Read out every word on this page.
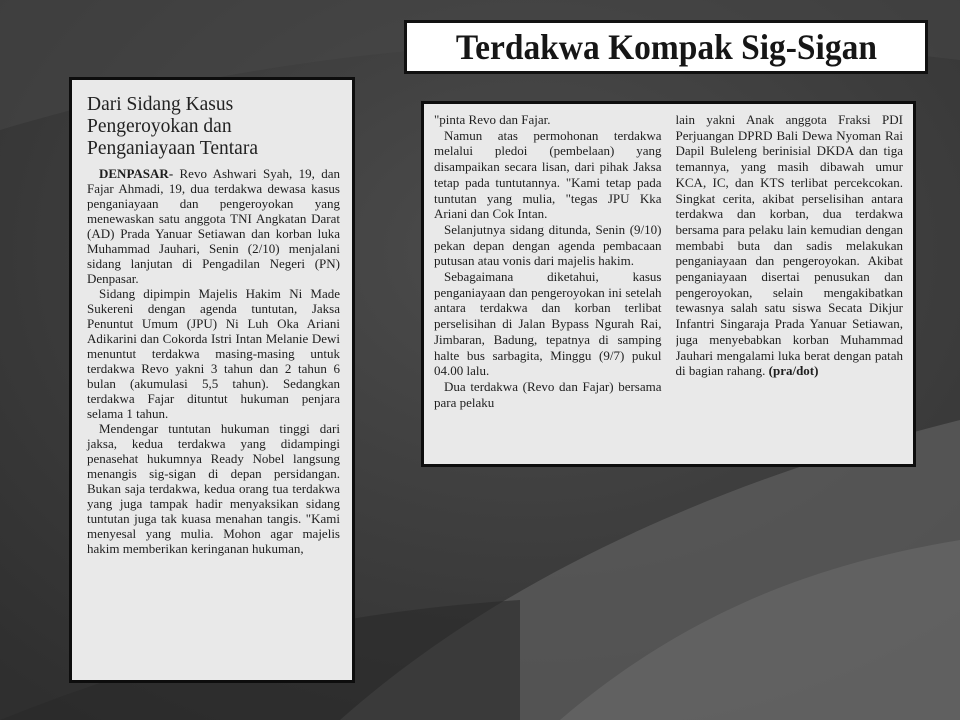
Terdakwa Kompak Sig-Sigan
Dari Sidang Kasus
Pengeroyokan dan
Penganiayaan Tentara

DENPASAR- Revo Ashwari Syah, 19, dan Fajar Ahmadi, 19, dua terdakwa dewasa kasus penganiayaan dan pengeroyokan yang menewaskan satu anggota TNI Angkatan Darat (AD) Prada Yanuar Setiawan dan korban luka Muhammad Jauhari, Senin (2/10) menjalani sidang lanjutan di Pengadilan Negeri (PN) Denpasar.

Sidang dipimpin Majelis Hakim Ni Made Sukereni dengan agenda tuntutan, Jaksa Penuntut Umum (JPU) Ni Luh Oka Ariani Adikarini dan Cokorda Istri Intan Melanie Dewi menuntut terdakwa masing-masing untuk terdakwa Revo yakni 3 tahun dan 2 tahun 6 bulan (akumulasi 5,5 tahun). Sedangkan terdakwa Fajar dituntut hukuman penjara selama 1 tahun.

Mendengar tuntutan hukuman tinggi dari jaksa, kedua terdakwa yang didampingi penasehat hukumnya Ready Nobel langsung menangis sig-sigan di depan persidangan. Bukan saja terdakwa, kedua orang tua terdakwa yang juga tampak hadir menyaksikan sidang tuntutan juga tak kuasa menahan tangis. "Kami menyesal yang mulia. Mohon agar majelis hakim memberikan keringanan hukuman,

"pinta Revo dan Fajar.

Namun atas permohonan terdakwa melalui pledoi (pembelaan) yang disampaikan secara lisan, dari pihak Jaksa tetap pada tuntutannya. "Kami tetap pada tuntutan yang mulia, "tegas JPU Kka Ariani dan Cok Intan.

Selanjutnya sidang ditunda, Senin (9/10) pekan depan dengan agenda pembacaan putusan atau vonis dari majelis hakim.

Sebagaimana diketahui, kasus penganiayaan dan pengeroyokan ini setelah antara terdakwa dan korban terlibat perselisihan di Jalan Bypass Ngurah Rai, Jimbaran, Badung, tepatnya di samping halte bus sarbagita, Minggu (9/7) pukul 04.00 lalu.

Dua terdakwa (Revo dan Fajar) bersama para pelaku

lain yakni Anak anggota Fraksi PDI Perjuangan DPRD Bali Dewa Nyoman Rai Dapil Buleleng berinisial DKDA dan tiga temannya, yang masih dibawah umur KCA, IC, dan KTS terlibat percekcokan. Singkat cerita, akibat perselisihan antara terdakwa dan korban, dua terdakwa bersama para pelaku lain kemudian dengan membabi buta dan sadis melakukan penganiayaan dan pengeroyokan. Akibat penganiayaan disertai penusukan dan pengeroyokan, selain mengakibatkan tewasnya salah satu siswa Secata Dikjur Infantri Singaraja Prada Yanuar Setiawan, juga menyebabkan korban Muhammad Jauhari mengalami luka berat dengan patah di bagian rahang. (pra/dot)
